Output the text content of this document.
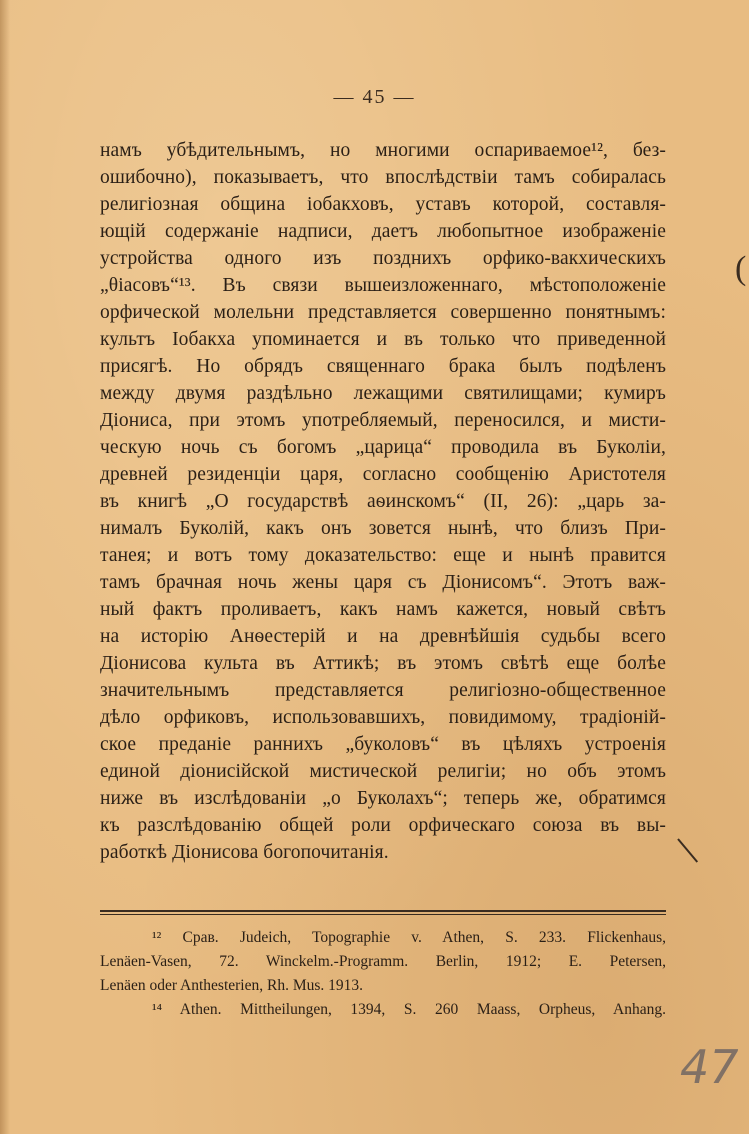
— 45 —
намъ убѣдительнымъ, но многими оспариваемое¹², без-
ошибочно), показываетъ, что впослѣдствіи тамъ собиралась
религіозная община іобакховъ, уставъ которой, составля-
ющій содержаніе надписи, даетъ любопытное изображеніе
устройства одного изъ позднихъ орфико-вакхическихъ
„θіасовъ“¹³. Въ связи вышеизложеннаго, мѣстоположеніе
орфической молельни представляется совершенно понятнымъ:
культъ Іобакха упоминается и въ только что приведенной
присягѣ. Но обрядъ священнаго брака былъ подѣленъ
между двумя раздѣльно лежащими святилищами; кумиръ
Діониса, при этомъ употребляемый, переносился, и мисти-
ческую ночь съ богомъ „царица“ проводила въ Буколіи,
древней резиденціи царя, согласно сообщенію Аристотеля
въ книгѣ „О государствѣ аѳинскомъ“ (II, 26): „царь за-
нималъ Буколій, какъ онъ зовется нынѣ, что близъ При-
танея; и вотъ тому доказательство: еще и нынѣ правится
тамъ брачная ночь жены царя съ Діонисомъ“. Этотъ важ-
ный фактъ проливаетъ, какъ намъ кажется, новый свѣтъ
на исторію Анѳестерій и на древнѣйшія судьбы всего
Діонисова культа въ Аттикѣ; въ этомъ свѣтѣ еще болѣе
значительнымъ представляется религіозно-общественное
дѣло орфиковъ, использовавшихъ, повидимому, традіоній-
ское преданіе раннихъ „буколовъ“ въ цѣляхъ устроенія
единой діонисійской мистической религіи; но объ этомъ
ниже въ изслѣдованіи „о Буколахъ“; теперь же, обратимся
къ разслѣдованію общей роли орфическаго союза въ вы-
работкѣ Діонисова богопочитанія.
¹² Срав. Judeich, Topographie v. Athen, S. 233. Flickenhaus,
Lenäen-Vasen, 72. Winckelm.-Programm. Berlin, 1912; E. Petersen,
Lenäen oder Anthesterien, Rh. Mus. 1913.
¹⁴ Athen. Mittheilungen, 1394, S. 260 Maass, Orpheus, Anhang.
(
47
